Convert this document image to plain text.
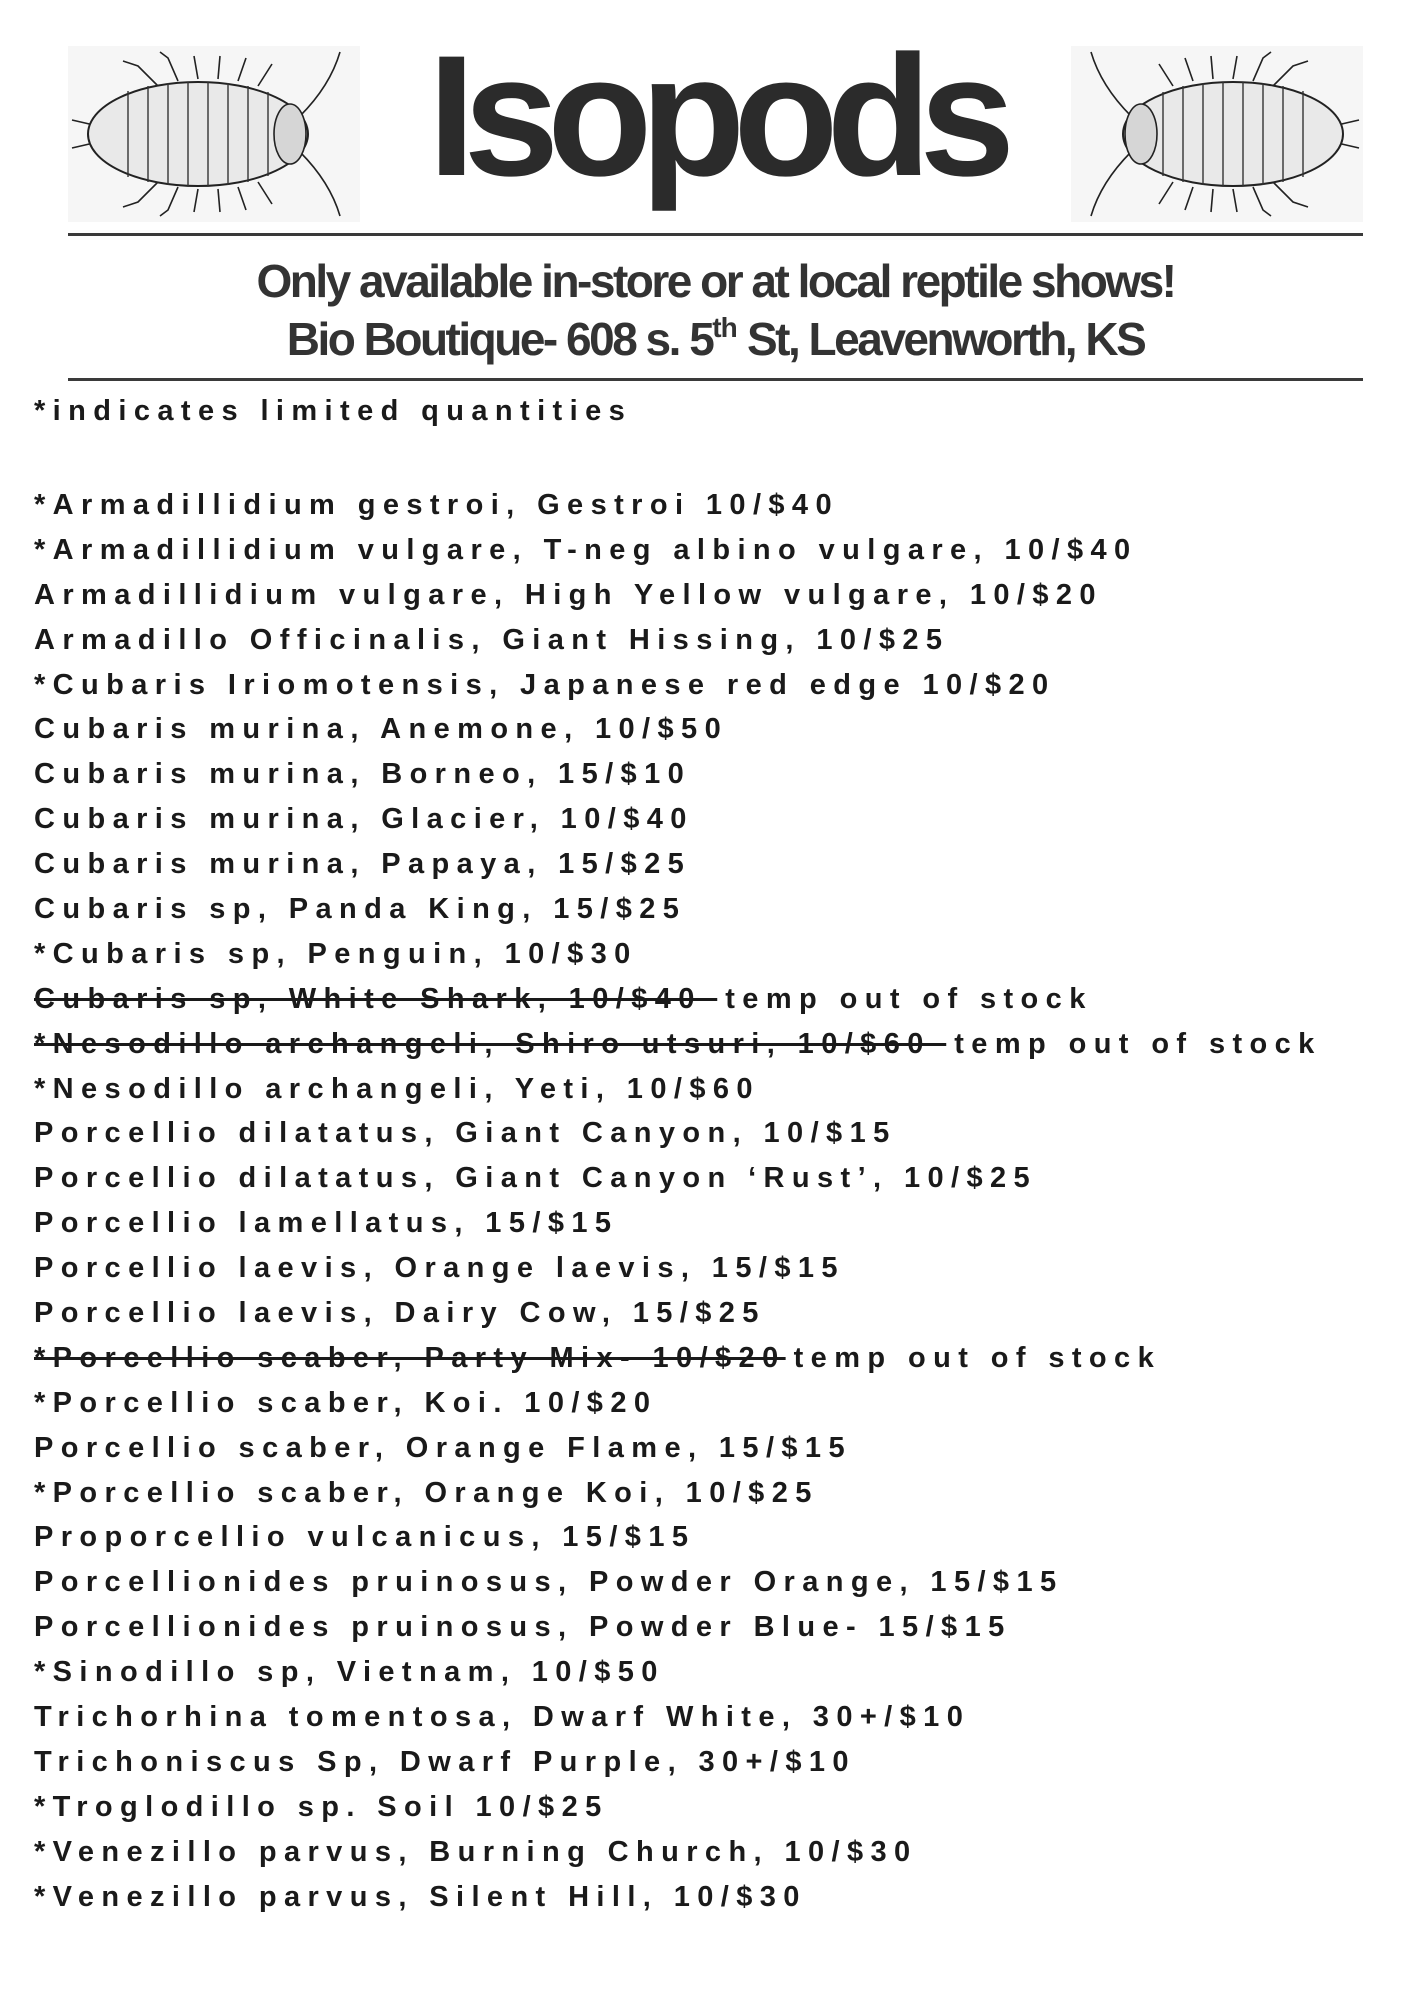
Isopods
Only available in-store or at local reptile shows!
Bio Boutique- 608 s. 5th St, Leavenworth, KS
*indicates limited quantities
*Armadillidium gestroi, Gestroi 10/$40
*Armadillidium vulgare, T-neg albino vulgare, 10/$40
Armadillidium vulgare, High Yellow vulgare, 10/$20
Armadillo Officinalis, Giant Hissing, 10/$25
*Cubaris Iriomotensis, Japanese red edge 10/$20
Cubaris murina, Anemone, 10/$50
Cubaris murina, Borneo, 15/$10
Cubaris murina, Glacier, 10/$40
Cubaris murina, Papaya, 15/$25
Cubaris sp, Panda King, 15/$25
*Cubaris sp, Penguin, 10/$30
Cubaris sp, White Shark, 10/$40 temp out of stock
*Nesodillo archangeli, Shiro utsuri, 10/$60 temp out of stock
*Nesodillo archangeli, Yeti, 10/$60
Porcellio dilatatus, Giant Canyon, 10/$15
Porcellio dilatatus, Giant Canyon ‘Rust’, 10/$25
Porcellio lamellatus, 15/$15
Porcellio laevis, Orange laevis, 15/$15
Porcellio laevis, Dairy Cow, 15/$25
*Porcellio scaber, Party Mix- 10/$20 temp out of stock
*Porcellio scaber, Koi. 10/$20
Porcellio scaber, Orange Flame, 15/$15
*Porcellio scaber, Orange Koi, 10/$25
Proporcellio vulcanicus, 15/$15
Porcellionides pruinosus, Powder Orange, 15/$15
Porcellionides pruinosus, Powder Blue- 15/$15
*Sinodillo sp, Vietnam, 10/$50
Trichorhina tomentosa, Dwarf White, 30+/$10
Trichoniscus Sp, Dwarf Purple, 30+/$10
*Troglodillo sp. Soil 10/$25
*Venezillo parvus, Burning Church, 10/$30
*Venezillo parvus, Silent Hill, 10/$30
